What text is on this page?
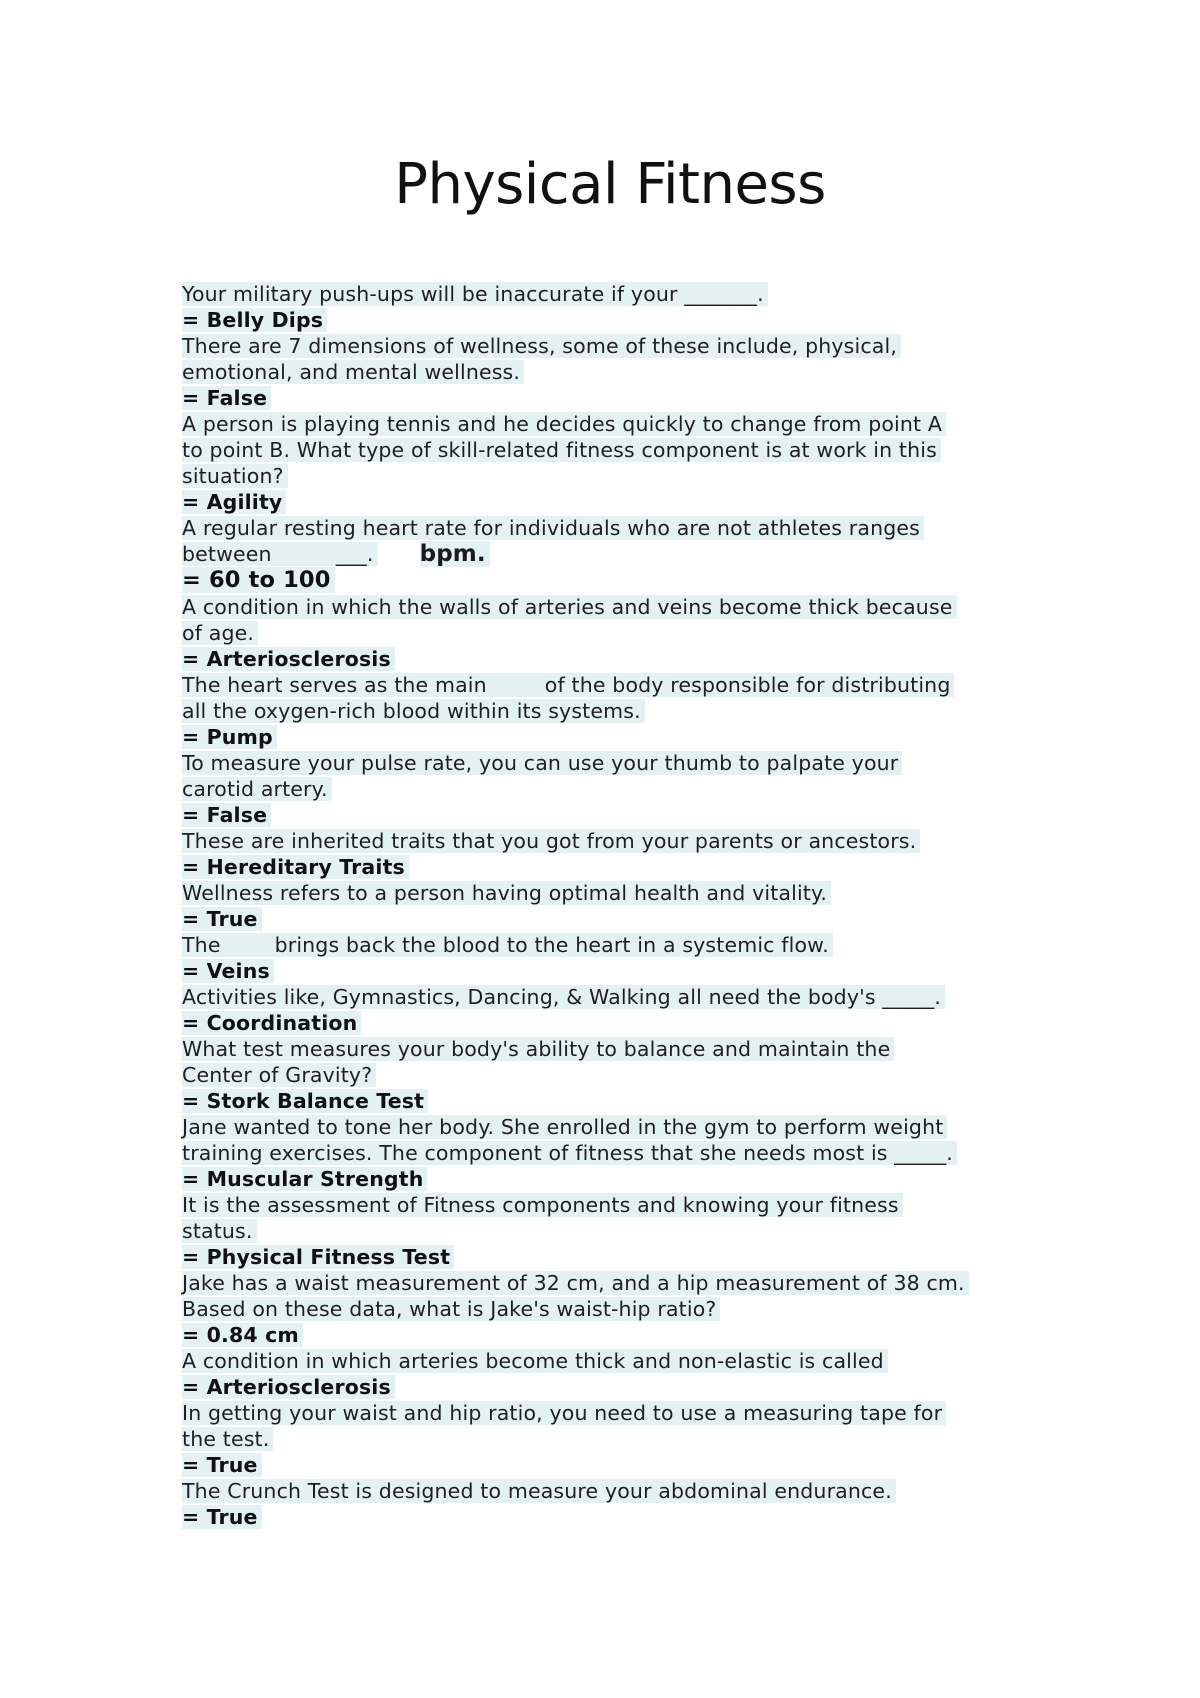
Physical Fitness
Your military push-ups will be inaccurate if your _______.
= Belly Dips
There are 7 dimensions of wellness, some of these include, physical,
emotional, and mental wellness.
= False
A person is playing tennis and he decides quickly to change from point A
to point B. What type of skill-related fitness component is at work in this
situation?
= Agility
A regular resting heart rate for individuals who are not athletes ranges
between	___. bpm.
= 60 to 100
A condition in which the walls of arteries and veins become thick because
of age.
= Arteriosclerosis
The heart serves as the main	of the body responsible for distributing
all the oxygen-rich blood within its systems.
= Pump
To measure your pulse rate, you can use your thumb to palpate your
carotid artery.
= False
These are inherited traits that you got from your parents or ancestors.
= Hereditary Traits
Wellness refers to a person having optimal health and vitality.
= True
The	brings back the blood to the heart in a systemic flow.
= Veins
Activities like, Gymnastics, Dancing, & Walking all need the body's _____.
= Coordination
What test measures your body's ability to balance and maintain the
Center of Gravity?
= Stork Balance Test
Jane wanted to tone her body. She enrolled in the gym to perform weight
training exercises. The component of fitness that she needs most is _____.
= Muscular Strength
It is the assessment of Fitness components and knowing your fitness
status.
= Physical Fitness Test
Jake has a waist measurement of 32 cm, and a hip measurement of 38 cm.
Based on these data, what is Jake's waist-hip ratio?
= 0.84 cm
A condition in which arteries become thick and non-elastic is called
= Arteriosclerosis
In getting your waist and hip ratio, you need to use a measuring tape for
the test.
= True
The Crunch Test is designed to measure your abdominal endurance.
= True
